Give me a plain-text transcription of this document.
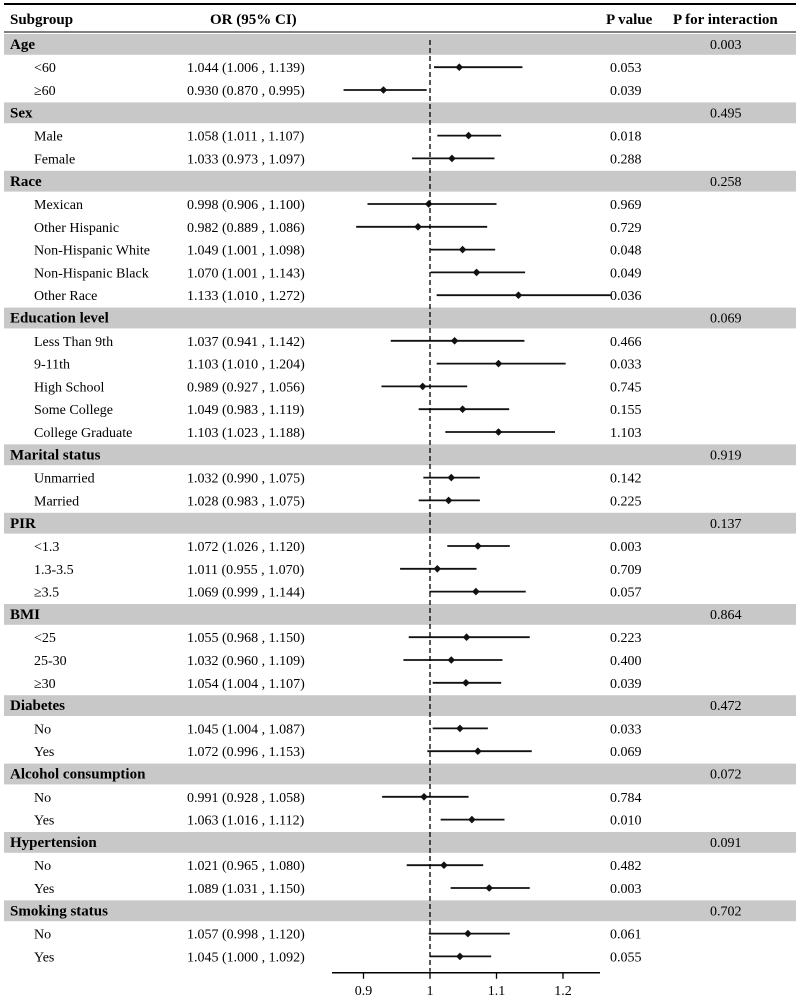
Subgroup	OR (95% CI)	P value P for interaction
Age	0.003
<60	1.044 (1.006 , 1.139)	0.053
≥60	0.930 (0.870 , 0.995)	0.039
Sex	0.495
Male	1.058 (1.011 , 1.107)	0.018
Female	1.033 (0.973 , 1.097)	0.288
Race	0.258
Mexican	0.998 (0.906 , 1.100)	0.969
Other Hispanic	0.982 (0.889 , 1.086)	0.729
Non-Hispanic White	1.049 (1.001 , 1.098)	0.048
Non-Hispanic Black	1.070 (1.001 , 1.143)	0.049
Other Race	1.133 (1.010 , 1.272)	0.036
Education level	0.069
Less Than 9th	1.037 (0.941 , 1.142)	0.466
9-11th	1.103 (1.010 , 1.204)	0.033
High School	0.989 (0.927 , 1.056)	0.745
Some College	1.049 (0.983 , 1.119)	0.155
College Graduate	1.103 (1.023 , 1.188)	1.103
Marital status	0.919
Unmarried	1.032 (0.990 , 1.075)	0.142
Married	1.028 (0.983 , 1.075)	0.225
PIR	0.137
<1.3	1.072 (1.026 , 1.120)	0.003
1.3-3.5	1.011 (0.955 , 1.070)	0.709
≥3.5	1.069 (0.999 , 1.144)	0.057
BMI	0.864
<25	1.055 (0.968 , 1.150)	0.223
25-30	1.032 (0.960 , 1.109)	0.400
≥30	1.054 (1.004 , 1.107)	0.039
Diabetes	0.472
No	1.045 (1.004 , 1.087)	0.033
Yes	1.072 (0.996 , 1.153)	0.069
Alcohol consumption	0.072
No	0.991 (0.928 , 1.058)	0.784
Yes	1.063 (1.016 , 1.112)	0.010
Hypertension	0.091
No	1.021 (0.965 , 1.080)	0.482
Yes	1.089 (1.031 , 1.150)	0.003
Smoking status	0.702
No	1.057 (0.998 , 1.120)	0.061
Yes	1.045 (1.000 , 1.092)	0.055
0.9	1	1.1	1.2
